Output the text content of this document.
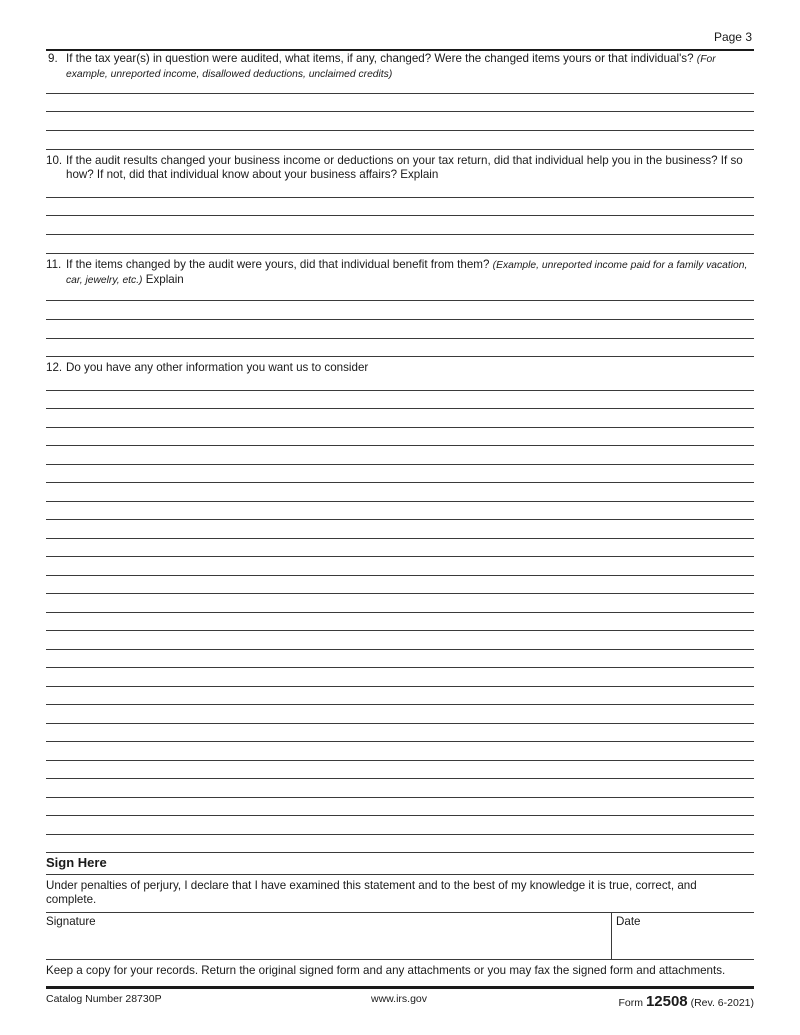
Page 3
9. If the tax year(s) in question were audited, what items, if any, changed? Were the changed items yours or that individual's? (For example, unreported income, disallowed deductions, unclaimed credits)
10. If the audit results changed your business income or deductions on your tax return, did that individual help you in the business? If so how? If not, did that individual know about your business affairs? Explain
11. If the items changed by the audit were yours, did that individual benefit from them? (Example, unreported income paid for a family vacation, car, jewelry, etc.) Explain
12. Do you have any other information you want us to consider
Sign Here
Under penalties of perjury, I declare that I have examined this statement and to the best of my knowledge it is true, correct, and complete.
Signature	Date
Keep a copy for your records. Return the original signed form and any attachments or you may fax the signed form and attachments.
Catalog Number 28730P	www.irs.gov	Form 12508 (Rev. 6-2021)
